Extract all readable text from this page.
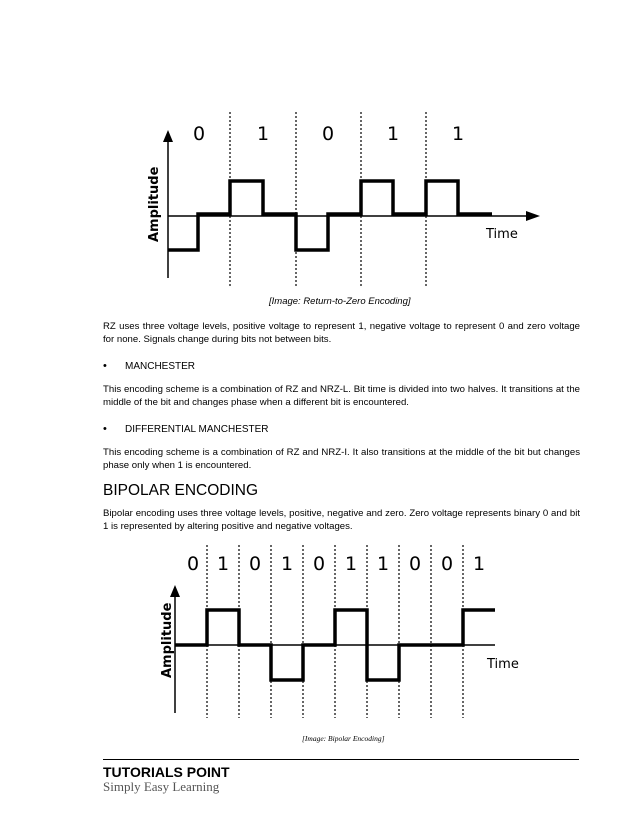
0	1	0	1	1
Amplitude	Time
[Image: Return-to-Zero Encoding]
RZ uses three voltage levels, positive voltage to represent 1, negative voltage to represent 0 and zero voltage for none. Signals change during bits not between bits.
•	MANCHESTER
This encoding scheme is a combination of RZ and NRZ-L. Bit time is divided into two halves. It transitions at the middle of the bit and changes phase when a different bit is encountered.
•	DIFFERENTIAL MANCHESTER
This encoding scheme is a combination of RZ and NRZ-I. It also transitions at the middle of the bit but changes phase only when 1 is encountered.
BIPOLAR ENCODING
Bipolar encoding uses three voltage levels, positive, negative and zero. Zero voltage represents binary 0 and bit 1 is represented by altering positive and negative voltages.
0 1 0 1 0 1 1 0 0 1
Amplitude	Time
[Image: Bipolar Encoding]
TUTORIALS POINT
Simply Easy Learning
